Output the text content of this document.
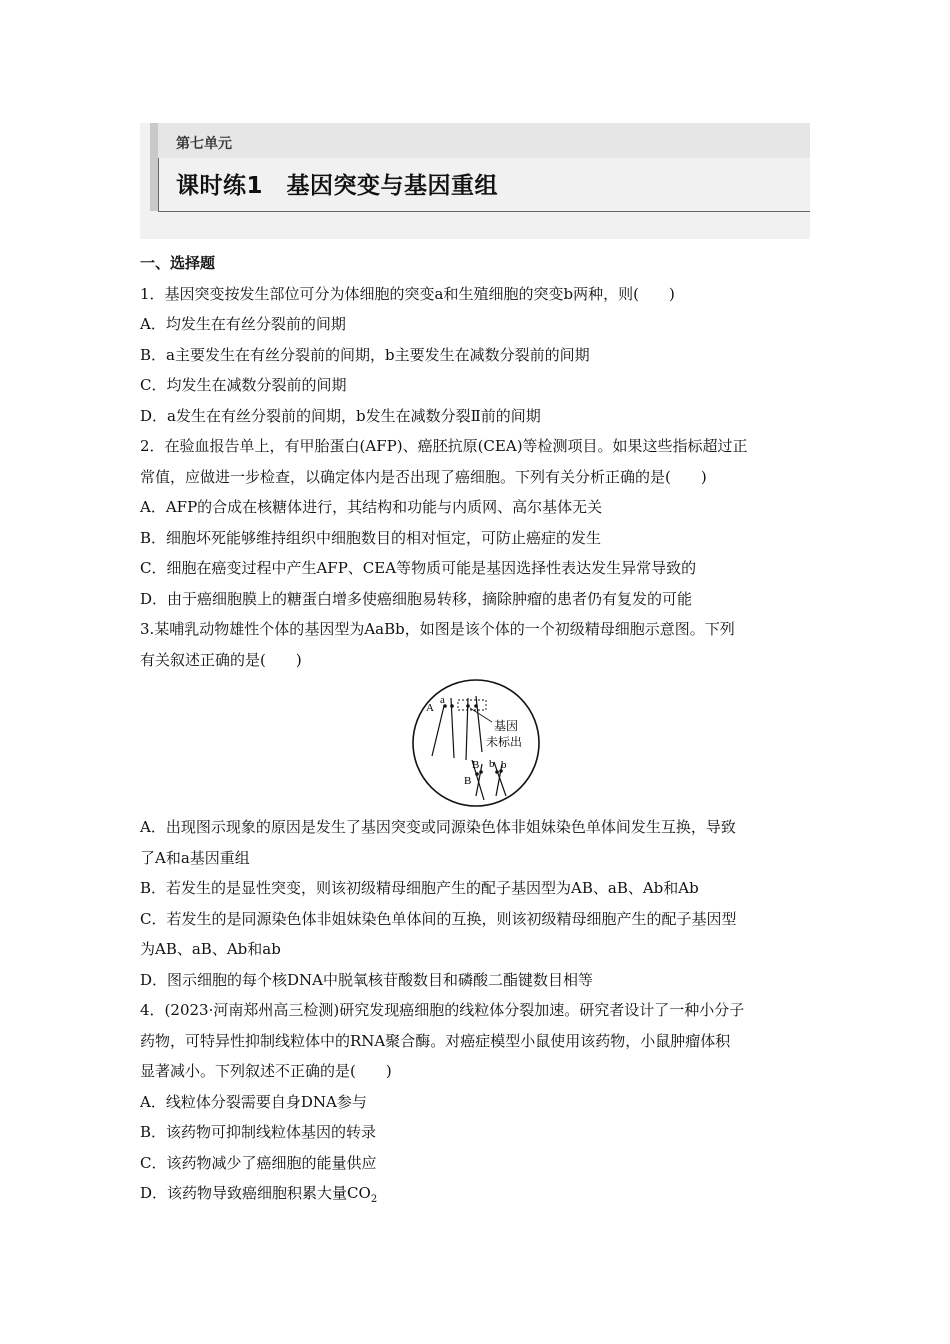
第七单元
课时练1　基因突变与基因重组
一、选择题
1．基因突变按发生部位可分为体细胞的突变a和生殖细胞的突变b两种，则(　　)
A．均发生在有丝分裂前的间期
B．a主要发生在有丝分裂前的间期，b主要发生在减数分裂前的间期
C．均发生在减数分裂前的间期
D．a发生在有丝分裂前的间期，b发生在减数分裂Ⅱ前的间期
2．在验血报告单上，有甲胎蛋白(AFP)、癌胚抗原(CEA)等检测项目。如果这些指标超过正
常值，应做进一步检查，以确定体内是否出现了癌细胞。下列有关分析正确的是(　　)
A．AFP的合成在核糖体进行，其结构和功能与内质网、高尔基体无关
B．细胞坏死能够维持组织中细胞数目的相对恒定，可防止癌症的发生
C．细胞在癌变过程中产生AFP、CEA等物质可能是基因选择性表达发生异常导致的
D．由于癌细胞膜上的糖蛋白增多使癌细胞易转移，摘除肿瘤的患者仍有复发的可能
3.某哺乳动物雄性个体的基因型为AaBb，如图是该个体的一个初级精母细胞示意图。下列
有关叙述正确的是(　　)
A
a
基因
未标出
B
B
b b
A．出现图示现象的原因是发生了基因突变或同源染色体非姐妹染色单体间发生互换，导致
了A和a基因重组
B．若发生的是显性突变，则该初级精母细胞产生的配子基因型为AB、aB、Ab和Ab
C．若发生的是同源染色体非姐妹染色单体间的互换，则该初级精母细胞产生的配子基因型
为AB、aB、Ab和ab
D．图示细胞的每个核DNA中脱氧核苷酸数目和磷酸二酯键数目相等
4．(2023·河南郑州高三检测)研究发现癌细胞的线粒体分裂加速。研究者设计了一种小分子
药物，可特异性抑制线粒体中的RNA聚合酶。对癌症模型小鼠使用该药物，小鼠肿瘤体积
显著减小。下列叙述不正确的是(　　)
A．线粒体分裂需要自身DNA参与
B．该药物可抑制线粒体基因的转录
C．该药物减少了癌细胞的能量供应
D．该药物导致癌细胞积累大量$CO_2$
